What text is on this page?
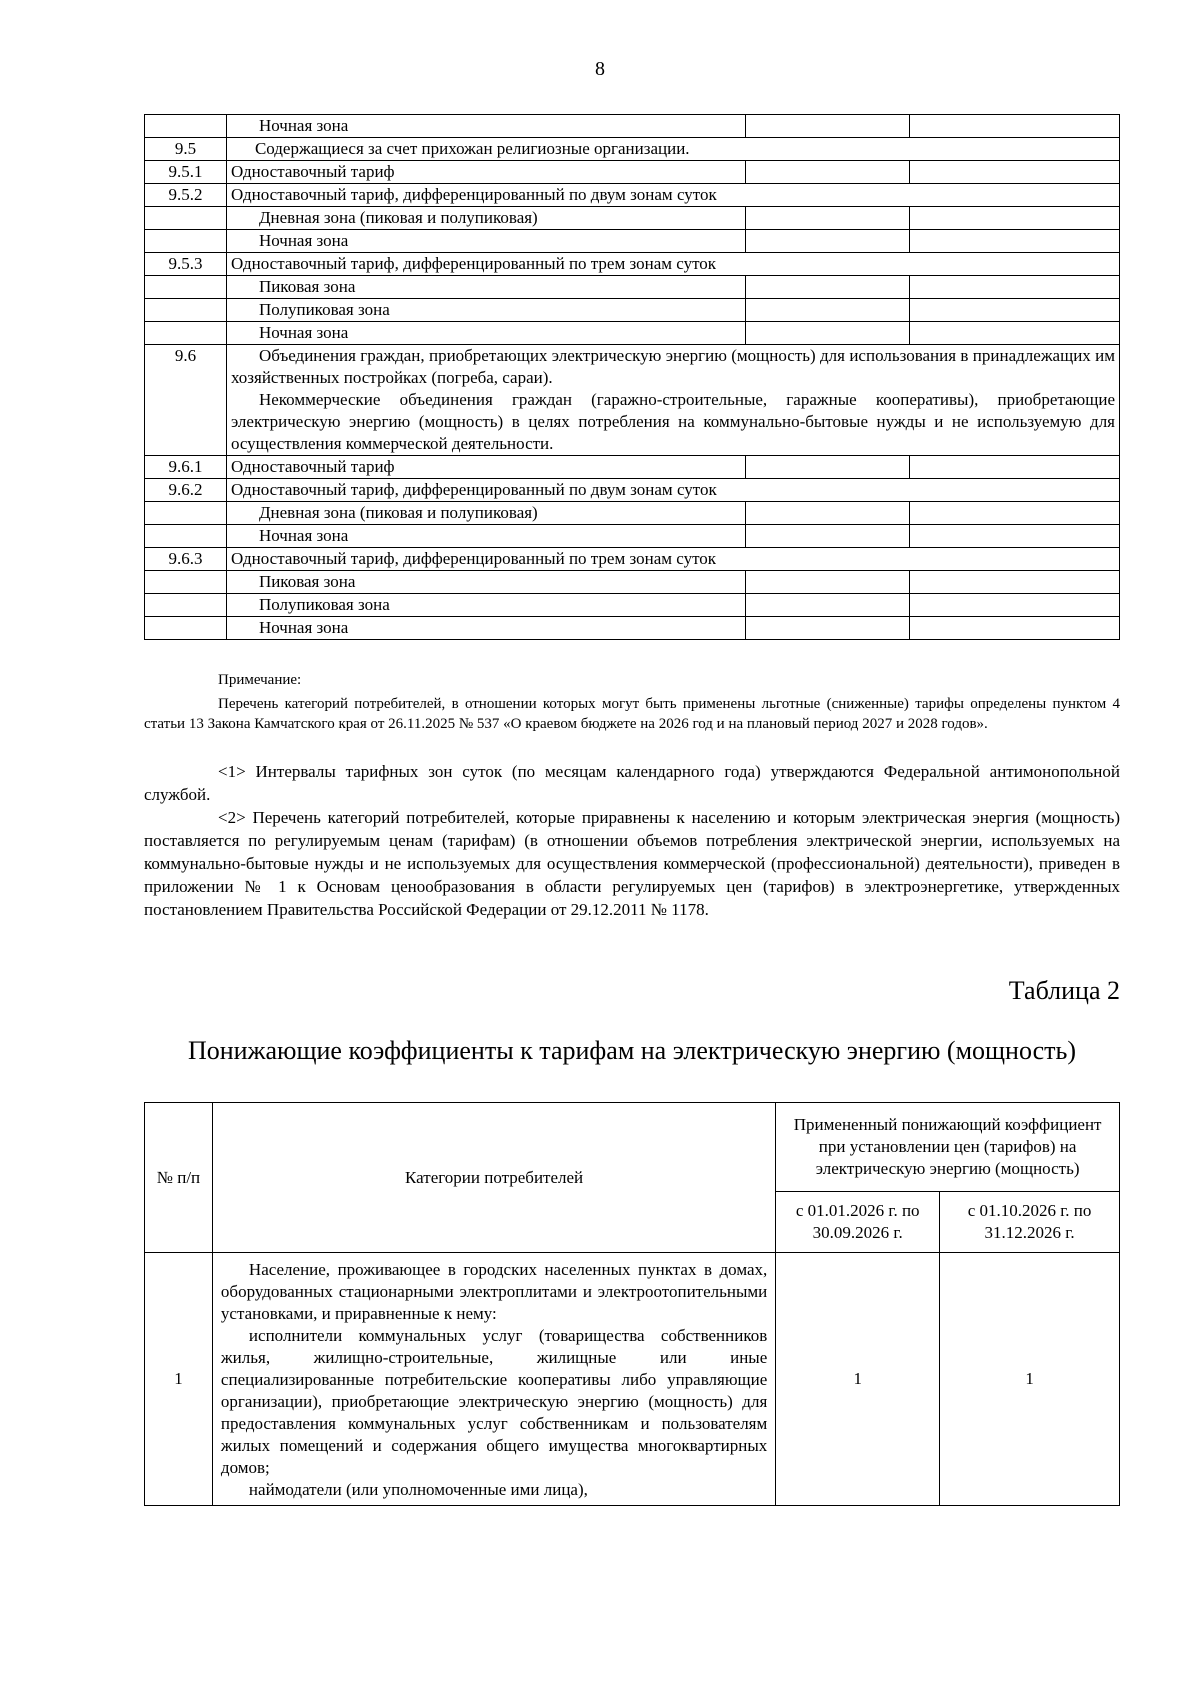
8
	Ночная зона		
9.5	Содержащиеся за счет прихожан религиозные организации.		
9.5.1	Одноставочный тариф		
9.5.2	Одноставочный тариф, дифференцированный по двум зонам суток		
	Дневная зона (пиковая и полупиковая)		
	Ночная зона		
9.5.3	Одноставочный тариф, дифференцированный по трем зонам суток		
	Пиковая зона		
	Полупиковая зона		
	Ночная зона		
9.6	Объединения граждан, приобретающих электрическую энергию (мощность) для использования в принадлежащих им хозяйственных постройках (погреба, сараи).

Некоммерческие объединения граждан (гаражно-строительные, гаражные кооперативы), приобретающие электрическую энергию (мощность) в целях потребления на коммунально-бытовые нужды и не используемую для осуществления коммерческой деятельности.		

9.6.1	Одноставочный тариф		
9.6.2	Одноставочный тариф, дифференцированный по двум зонам суток		
	Дневная зона (пиковая и полупиковая)		
	Ночная зона		
9.6.3	Одноставочный тариф, дифференцированный по трем зонам суток		
	Пиковая зона		
	Полупиковая зона		
	Ночная зона		
Примечание:

Перечень категорий потребителей, в отношении которых могут быть применены льготные (сниженные) тарифы определены пунктом 4 статьи 13 Закона Камчатского края от 26.11.2025 № 537 «О краевом бюджете на 2026 год и на плановый период 2027 и 2028 годов».

<1> Интервалы тарифных зон суток (по месяцам календарного года) утверждаются Федеральной антимонопольной службой.

<2> Перечень категорий потребителей, которые приравнены к населению и которым электрическая энергия (мощность) поставляется по регулируемым ценам (тарифам) (в отношении объемов потребления электрической энергии, используемых на коммунально-бытовые нужды и не используемых для осуществления коммерческой (профессиональной) деятельности), приведен в приложении № 1 к Основам ценообразования в области регулируемых цен (тарифов) в электроэнергетике, утвержденных постановлением Правительства Российской Федерации от 29.12.2011 № 1178.

Таблица 2
Понижающие коэффициенты к тарифам на электрическую энергию (мощность)
№ п/п	Категории потребителей	Примененный понижающий коэффициент при установлении цен (тарифов) на электрическую энергию (мощность)	
		с 01.01.2026 г. по 30.09.2026 г.	с 01.10.2026 г. по 31.12.2026 г.
1	Население, проживающее в городских населенных пунктах в домах, оборудованных стационарными электроплитами и электроотопительными установками, и приравненные к нему:

исполнители коммунальных услуг (товарищества собственников жилья, жилищно-строительные, жилищные или иные специализированные потребительские кооперативы либо управляющие организации), приобретающие электрическую энергию (мощность) для предоставления коммунальных услуг собственникам и пользователям жилых помещений и содержания общего имущества многоквартирных домов;

наймодатели (или уполномоченные ими лица),	1	1
